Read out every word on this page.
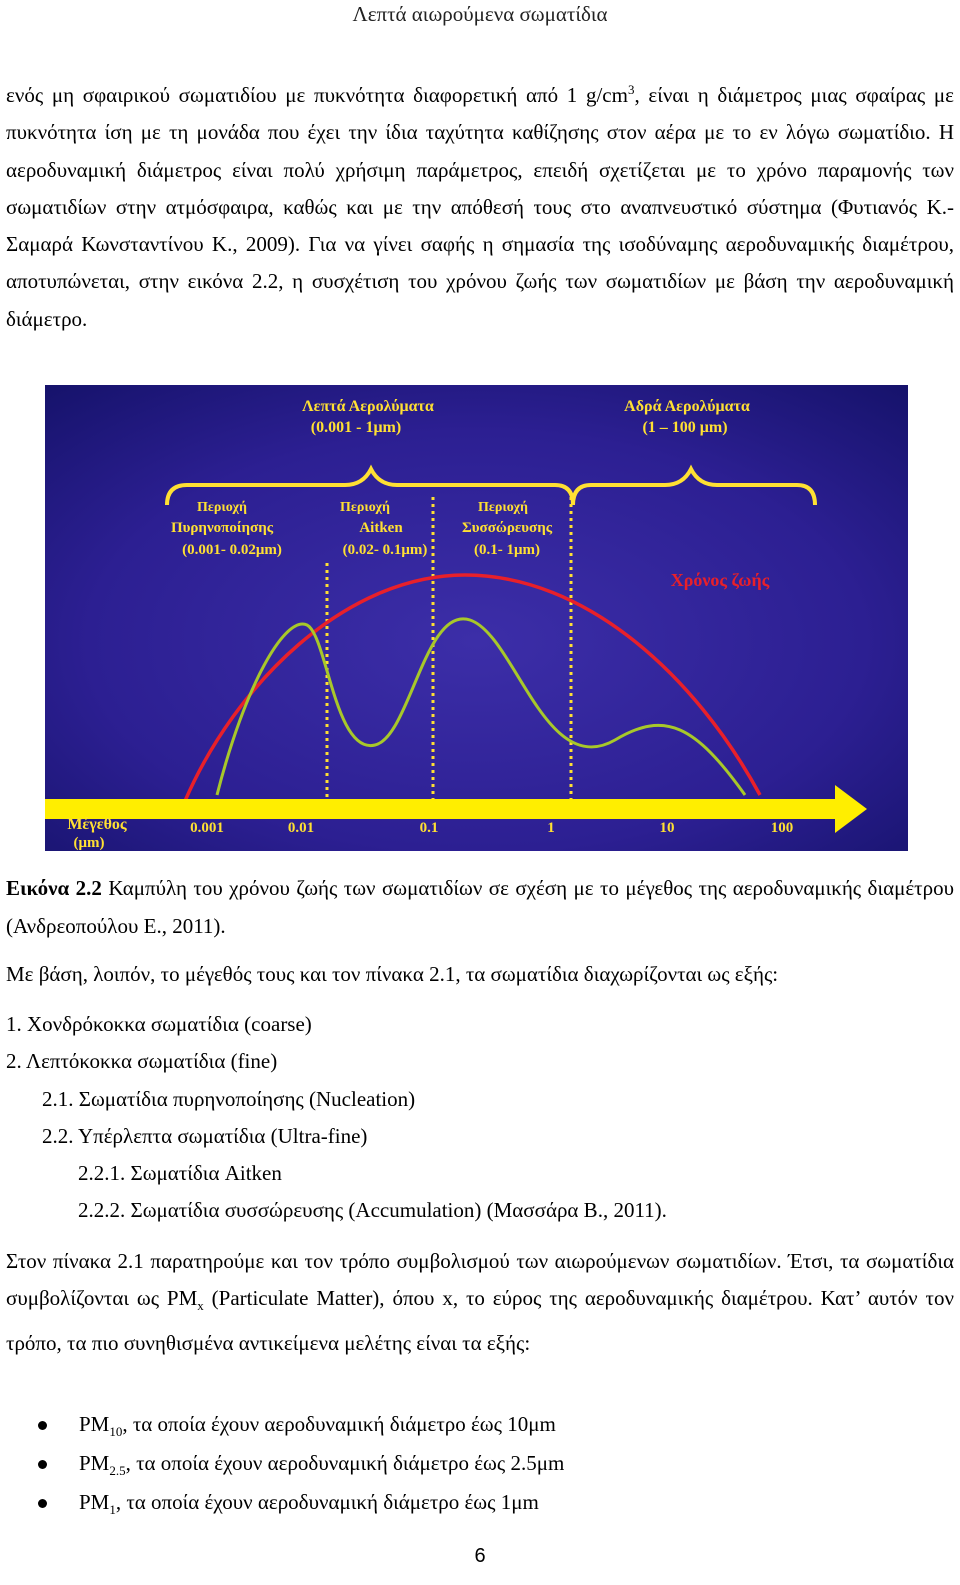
Λεπτά αιωρούμενα σωματίδια

ενός μη σφαιρικού σωματιδίου με πυκνότητα διαφορετική από 1 $g/cm^3$, είναι η διάμετρος μιας σφαίρας με πυκνότητα ίση με τη μονάδα που έχει την ίδια ταχύτητα καθίζησης στον αέρα με το εν λόγω σωματίδιο. Η αεροδυναμική διάμετρος είναι πολύ χρήσιμη παράμετρος, επειδή σχετίζεται με το χρόνο παραμονής των σωματιδίων στην ατμόσφαιρα, καθώς και με την απόθεσή τους στο αναπνευστικό σύστημα (Φυτιανός Κ.-Σαμαρά Κωνσταντίνου Κ., 2009). Για να γίνει σαφής η σημασία της ισοδύναμης αεροδυναμικής διαμέτρου, αποτυπώνεται, στην εικόνα 2.2, η συσχέτιση του χρόνου ζωής των σωματιδίων με βάση την αεροδυναμική διάμετρο.

Λεπτά Αερολύματα
(0.001 - 1μm)
Αδρά Αερολύματα
(1 – 100 μm)
Περιοχή
Πυρηνοποίησης
(0.001- 0.02μm)
Περιοχή
Aitken
(0.02- 0.1μm)
Περιοχή
Συσσώρευσης
(0.1- 1μm)
Μέγεθος
(μm)
0.001	0.01	0.1	1	10	100
Χρόνος ζωής

Εικόνα 2.2 Καμπύλη του χρόνου ζωής των σωματιδίων σε σχέση με το μέγεθος της αεροδυναμικής διαμέτρου (Ανδρεοπούλου Ε., 2011).

Με βάση, λοιπόν, το μέγεθός τους και τον πίνακα 2.1, τα σωματίδια διαχωρίζονται ως εξής:
1. Χονδρόκοκκα σωματίδια (coarse)
2. Λεπτόκοκκα σωματίδια (fine)
2.1. Σωματίδια πυρηνοποίησης (Nucleation)
2.2. Υπέρλεπτα σωματίδια (Ultra-fine)
2.2.1. Σωματίδια Aitken
2.2.2. Σωματίδια συσσώρευσης (Accumulation) (Μασσάρα Β., 2011).

Στον πίνακα 2.1 παρατηρούμε και τον τρόπο συμβολισμού των αιωρούμενων σωματιδίων. Έτσι, τα σωματίδια συμβολίζονται ως $PM_x$ (Particulate Matter), όπου x, το εύρος της αεροδυναμικής διαμέτρου. Κατ’ αυτόν τον τρόπο, τα πιο συνηθισμένα αντικείμενα μελέτης είναι τα εξής:

$PM_{10}$, τα οποία έχουν αεροδυναμική διάμετρο έως 10μm
$PM_{2.5}$, τα οποία έχουν αεροδυναμική διάμετρο έως 2.5μm
$PM_1$, τα οποία έχουν αεροδυναμική διάμετρο έως 1μm
6
